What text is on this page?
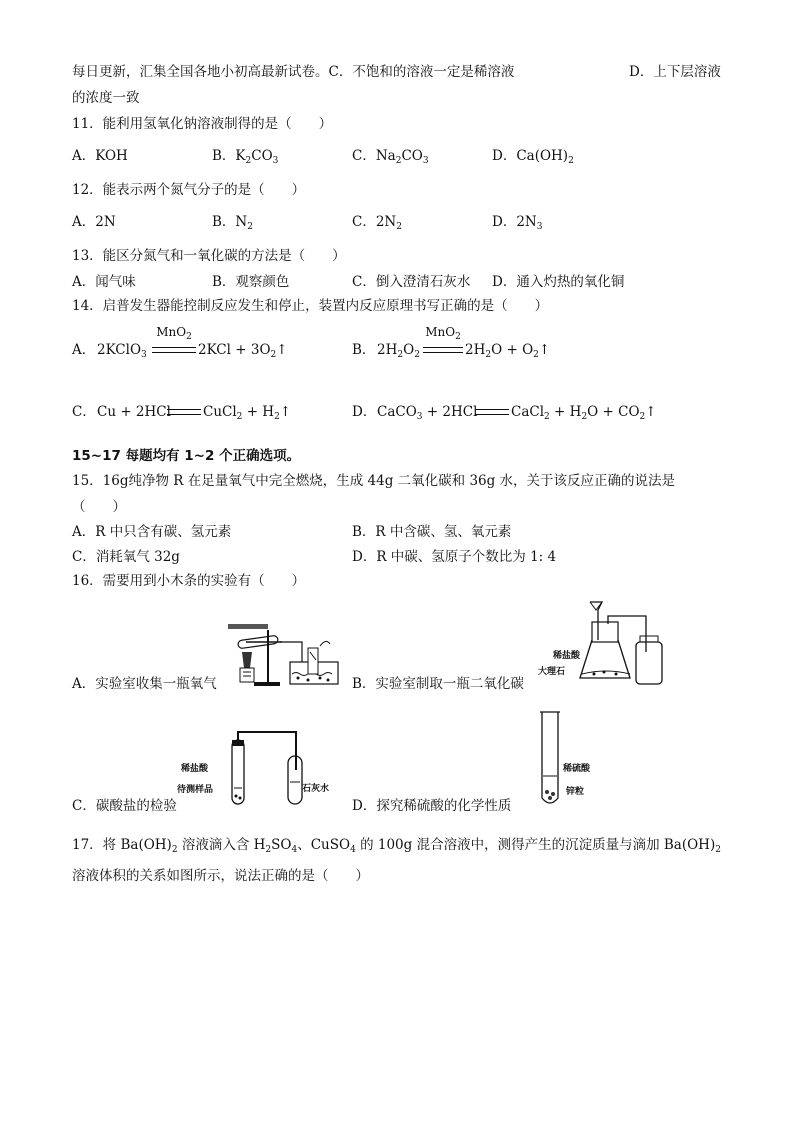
每日更新，汇集全国各地小初高最新试卷。C．不饱和的溶液一定是稀溶液	D．上下层溶液
的浓度一致
11．能利用氢氧化钠溶液制得的是（　　）
A．KOH	B．$K_2CO_3$	C．$Na_2CO_3$	D．$Ca(OH)_2$
12．能表示两个氮气分子的是（　　）
A．2N	B．$N_2$	C．$2N_2$	D．$2N_3$
13．能区分氮气和一氧化碳的方法是（　　）
A．闻气味	B．观察颜色	C．倒入澄清石灰水 D．通入灼热的氧化铜
14．启普发生器能控制反应发生和停止，装置内反应原理书写正确的是（　　）
A． 2KClO$_3$
MnO$_2$
$2KCl + 3O_2↑$	B． $2H_2O_2$
MnO$_2$
$2H_2O$ + $O_2↑$
C． Cu + 2HCl CuCl$_2$ + $H_2↑$	D． CaCO$_3$ + 2HCl CaCl$_2$ + $H_2O$ + $CO_2↑$
15~17 每题均有 1~2 个正确选项。
15．16g纯净物 R 在足量氧气中完全燃烧，生成 44g 二氧化碳和 36g 水，关于该反应正确的说法是
（　　）
A．R 中只含有碳、氢元素	B．R 中含碳、氢、氧元素
C．消耗氧气 32g	D．R 中碳、氢原子个数比为 1: 4
16．需要用到小木条的实验有（　　）
A．实验室收集一瓶氧气	B．实验室制取一瓶二氧化碳
稀盐酸
大理石
C．碳酸盐的检验
稀盐酸
待测样品	石灰水
D．探究稀硫酸的化学性质
稀硫酸
锌粒
17．将 $Ba(OH)_2$ 溶液滴入含 $H_2SO_4$、CuSO$_4$ 的 100g 混合溶液中，测得产生的沉淀质量与滴加 $Ba(OH)_2$
溶液体积的关系如图所示，说法正确的是（　　）
